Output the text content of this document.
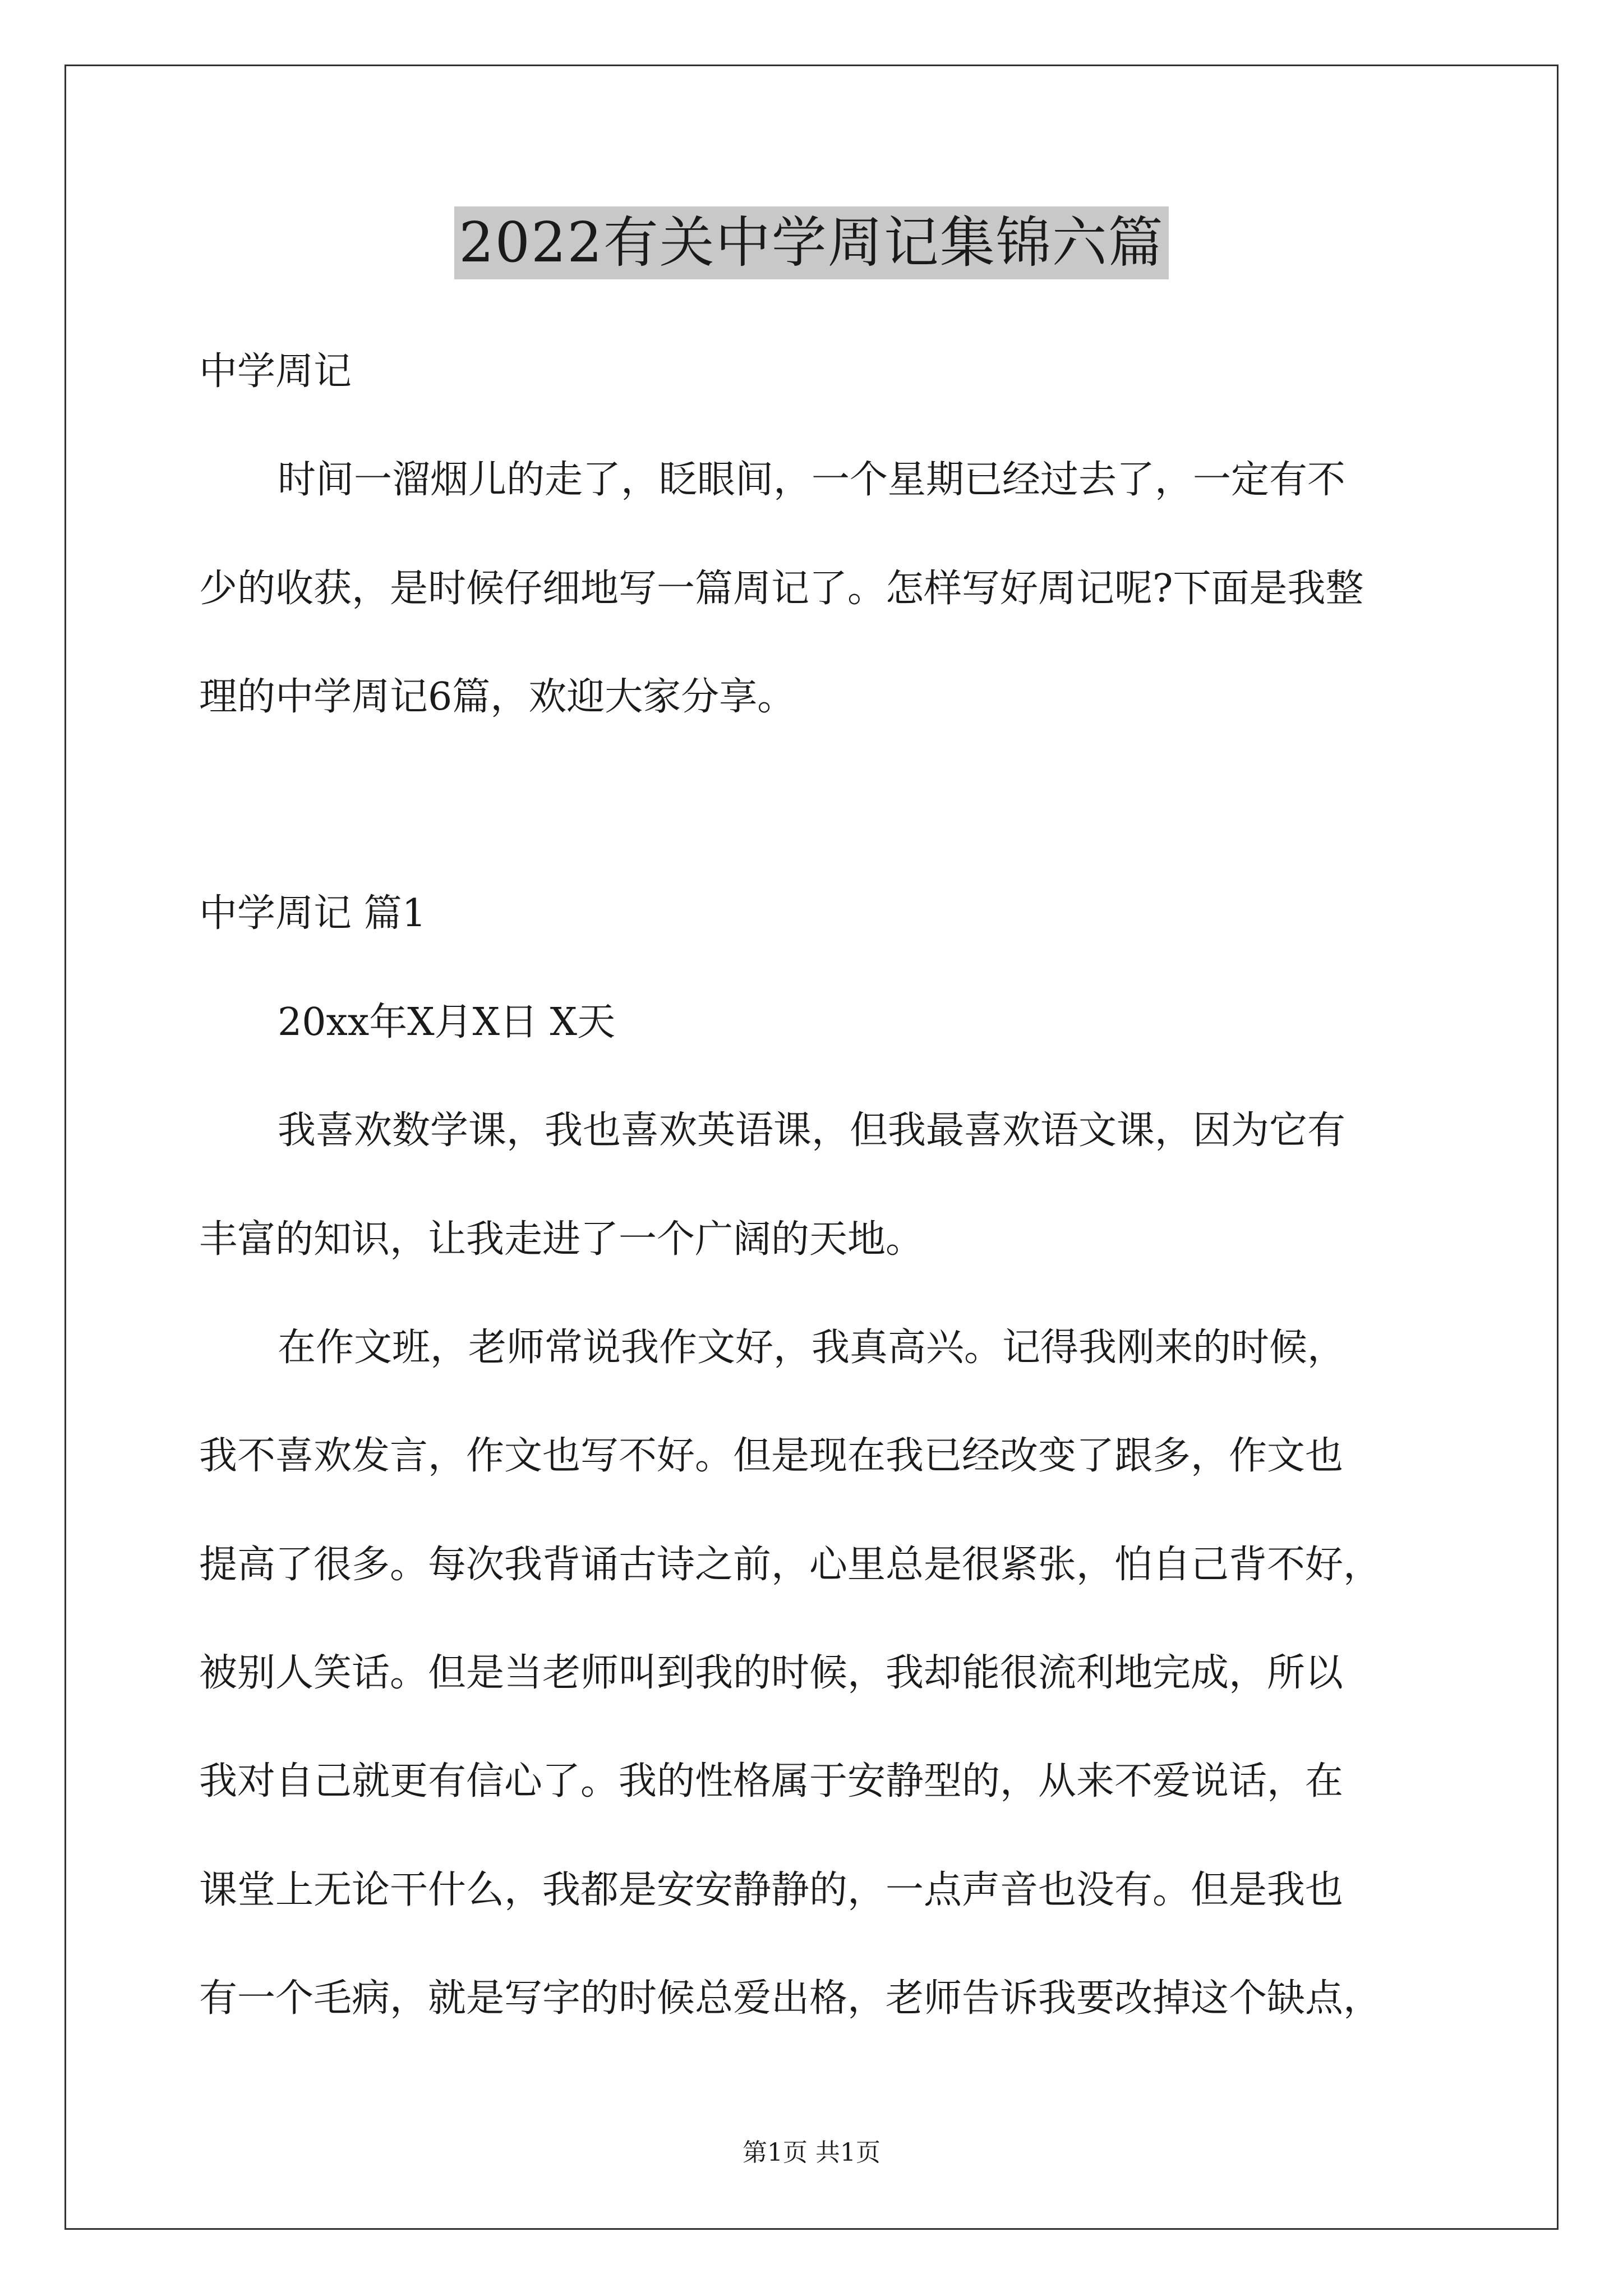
2022有关中学周记集锦六篇
中学周记
时间一溜烟儿的走了，眨眼间，一个星期已经过去了，一定有不
少的收获，是时候仔细地写一篇周记了。怎样写好周记呢?下面是我整
理的中学周记6篇，欢迎大家分享。
中学周记 篇1
20xx年X月X日 X天
我喜欢数学课，我也喜欢英语课，但我最喜欢语文课，因为它有
丰富的知识，让我走进了一个广阔的天地。
在作文班，老师常说我作文好，我真高兴。记得我刚来的时候，
我不喜欢发言，作文也写不好。但是现在我已经改变了跟多，作文也
提高了很多。每次我背诵古诗之前，心里总是很紧张，怕自己背不好，
被别人笑话。但是当老师叫到我的时候，我却能很流利地完成，所以
我对自己就更有信心了。我的性格属于安静型的，从来不爱说话，在
课堂上无论干什么，我都是安安静静的，一点声音也没有。但是我也
有一个毛病，就是写字的时候总爱出格，老师告诉我要改掉这个缺点，
第1页 共1页
